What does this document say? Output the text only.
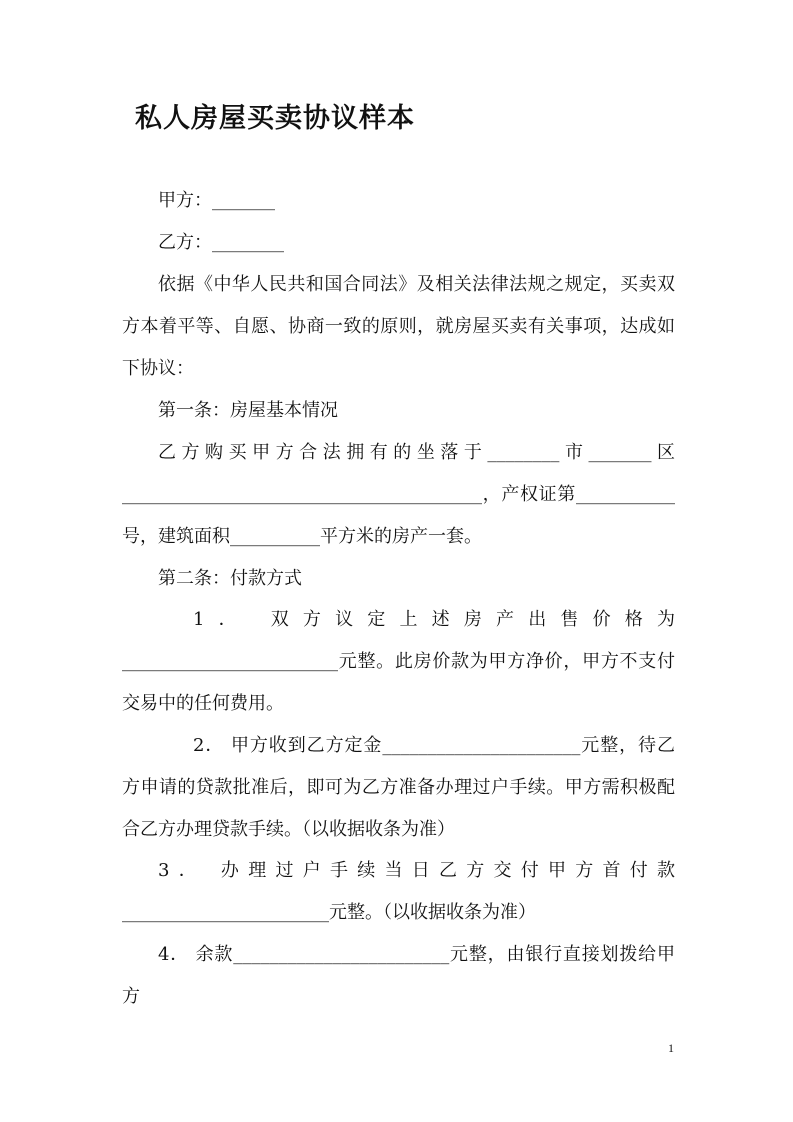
私人房屋买卖协议样本
甲方：_______
乙方：________
依据《中华人民共和国合同法》及相关法律法规之规定，买卖双
方本着平等、自愿、协商一致的原则，就房屋买卖有关事项，达成如
下协议：
第一条：房屋基本情况
乙方购买甲方合法拥有的坐落于________市_______区
________________________________________，产权证第___________
号，建筑面积__________平方米的房产一套。
第二条：付款方式
1． 双方议定上述房产出售价格为
________________________元整。此房价款为甲方净价，甲方不支付
交易中的任何费用。
2． 甲方收到乙方定金______________________元整，待乙
方申请的贷款批准后，即可为乙方准备办理过户手续。甲方需积极配
合乙方办理贷款手续。（以收据收条为准）
3． 办理过户手续当日乙方交付甲方首付款
_______________________元整。（以收据收条为准）
4． 余款________________________元整，由银行直接划拨给甲
方
1
